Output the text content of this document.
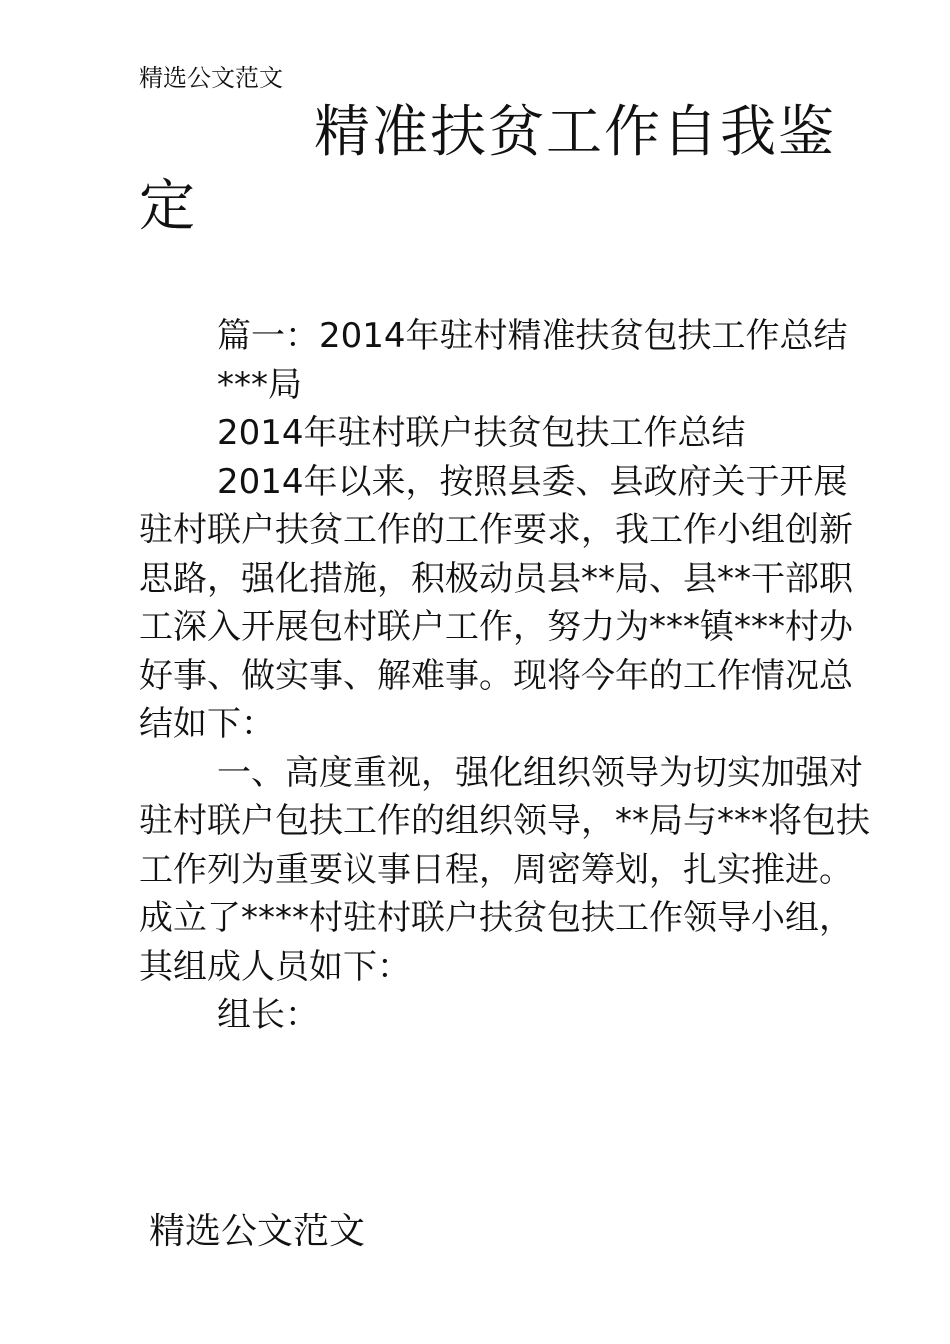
精选公文范文
精准扶贫工作自我鉴定

篇一：2014年驻村精准扶贫包扶工作总结

***局

2014年驻村联户扶贫包扶工作总结

2014年以来，按照县委、县政府关于开展驻村联户扶贫工作的工作要求，我工作小组创新思路，强化措施，积极动员县**局、县**干部职工深入开展包村联户工作，努力为***镇***村办好事、做实事、解难事。现将今年的工作情况总结如下：

一、高度重视，强化组织领导为切实加强对驻村联户包扶工作的组织领导，**局与***将包扶工作列为重要议事日程，周密筹划，扎实推进。成立了****村驻村联户扶贫包扶工作领导小组，其组成人员如下：

组长：

精选公文范文
